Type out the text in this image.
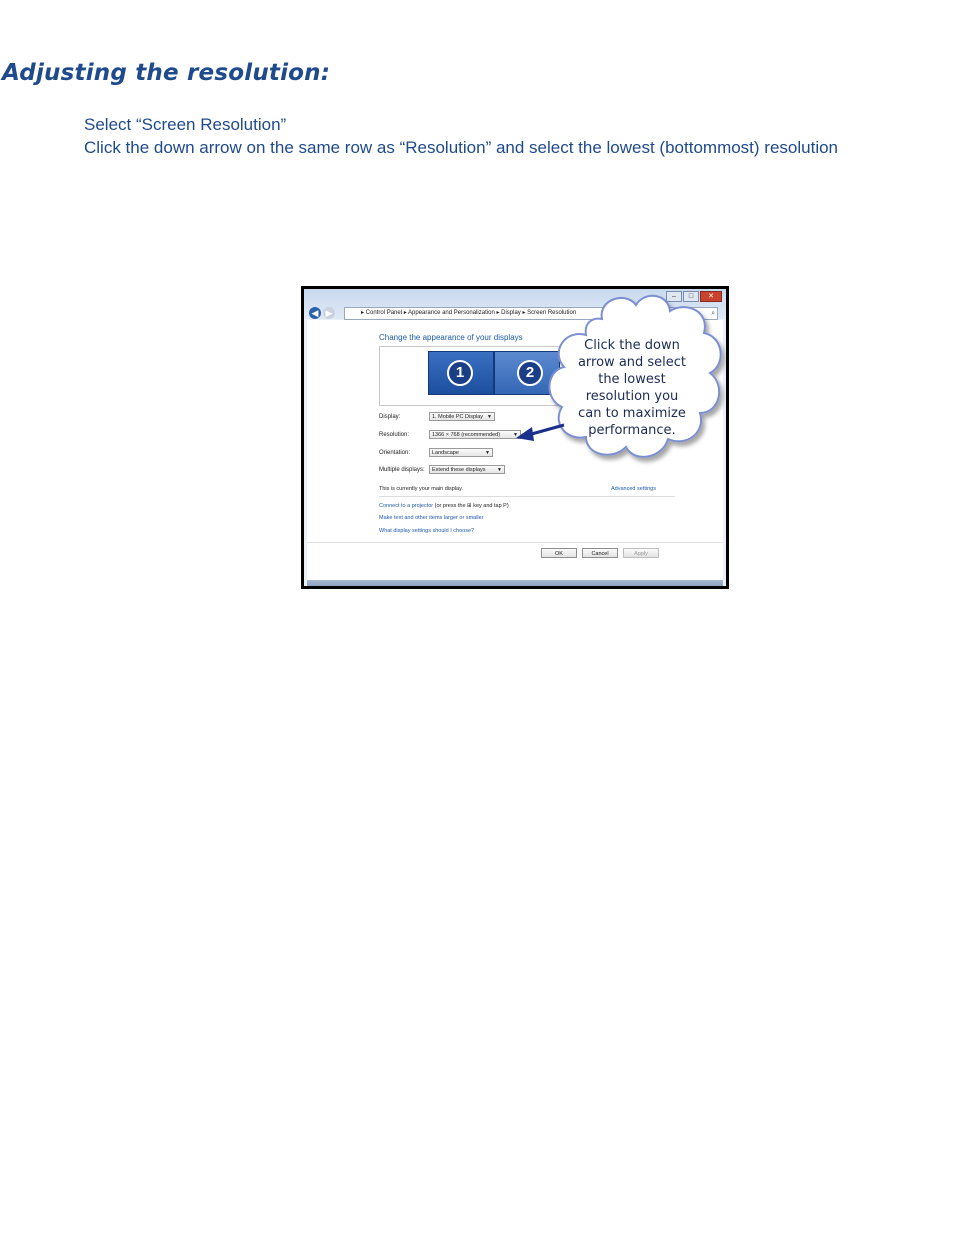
Adjusting the resolution:
Select “Screen Resolution”
Click the down arrow on the same row as “Resolution” and select the lowest (bottommost) resolution
–	□	✕
◀ ▶	▸ Control Panel ▸ Appearance and Personalization ▸ Display ▸ Screen Resolution	⌕
Change the appearance of your displays
1	2
Display:	1. Mobile PC Display ▼
Resolution:	1366 × 768 (recommended)	▼
Orientation:	Landscape	▼
Multiple displays:	Extend these displays ▼
This is currently your main display.	Advanced settings
Connect to a projector (or press the ⊞ key and tap P)
Make text and other items larger or smaller
What display settings should I choose?
OK	Cancel	Apply
Click the down
arrow and select
the lowest
resolution you
can to maximize
performance.
